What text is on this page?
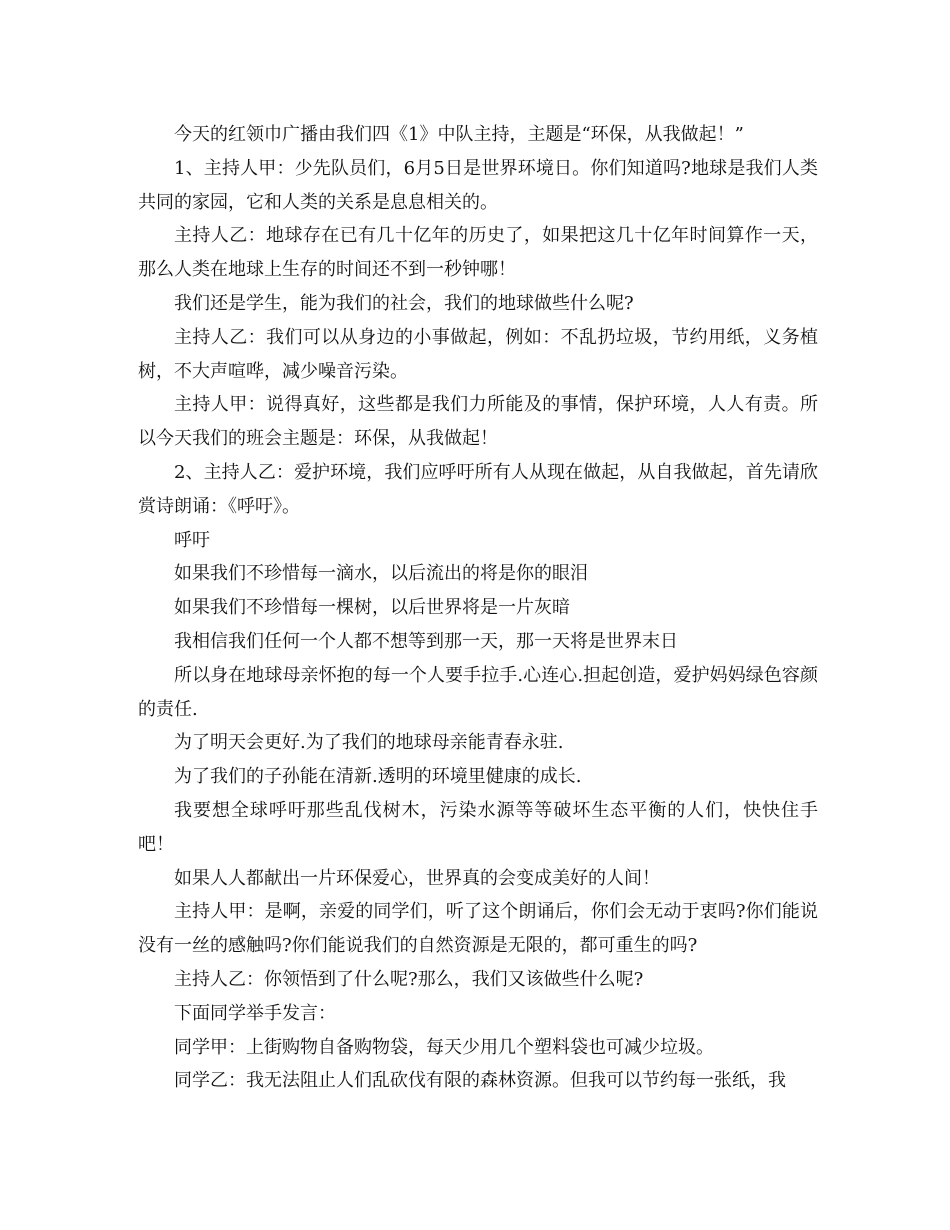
今天的红领巾广播由我们四《1》中队主持，主题是“环保，从我做起！”

1、主持人甲：少先队员们，6月5日是世界环境日。你们知道吗?地球是我们人类共同的家园，它和人类的关系是息息相关的。

主持人乙：地球存在已有几十亿年的历史了，如果把这几十亿年时间算作一天，那么人类在地球上生存的时间还不到一秒钟哪！

我们还是学生，能为我们的社会，我们的地球做些什么呢?

主持人乙：我们可以从身边的小事做起，例如：不乱扔垃圾，节约用纸，义务植树，不大声喧哗，减少噪音污染。

主持人甲：说得真好，这些都是我们力所能及的事情，保护环境，人人有责。所以今天我们的班会主题是：环保，从我做起！

2、主持人乙：爱护环境，我们应呼吁所有人从现在做起，从自我做起，首先请欣赏诗朗诵：《呼吁》。

呼吁

如果我们不珍惜每一滴水，以后流出的将是你的眼泪

如果我们不珍惜每一棵树，以后世界将是一片灰暗

我相信我们任何一个人都不想等到那一天，那一天将是世界末日

所以身在地球母亲怀抱的每一个人要手拉手.心连心.担起创造，爱护妈妈绿色容颜的责任.

为了明天会更好.为了我们的地球母亲能青春永驻.

为了我们的子孙能在清新.透明的环境里健康的成长.

我要想全球呼吁那些乱伐树木，污染水源等等破坏生态平衡的人们，快快住手吧！

如果人人都献出一片环保爱心，世界真的会变成美好的人间！

主持人甲：是啊，亲爱的同学们，听了这个朗诵后，你们会无动于衷吗?你们能说没有一丝的感触吗?你们能说我们的自然资源是无限的，都可重生的吗?

主持人乙：你领悟到了什么呢?那么，我们又该做些什么呢?

下面同学举手发言：

同学甲：上街购物自备购物袋，每天少用几个塑料袋也可减少垃圾。

同学乙：我无法阻止人们乱砍伐有限的森林资源。但我可以节约每一张纸，我
